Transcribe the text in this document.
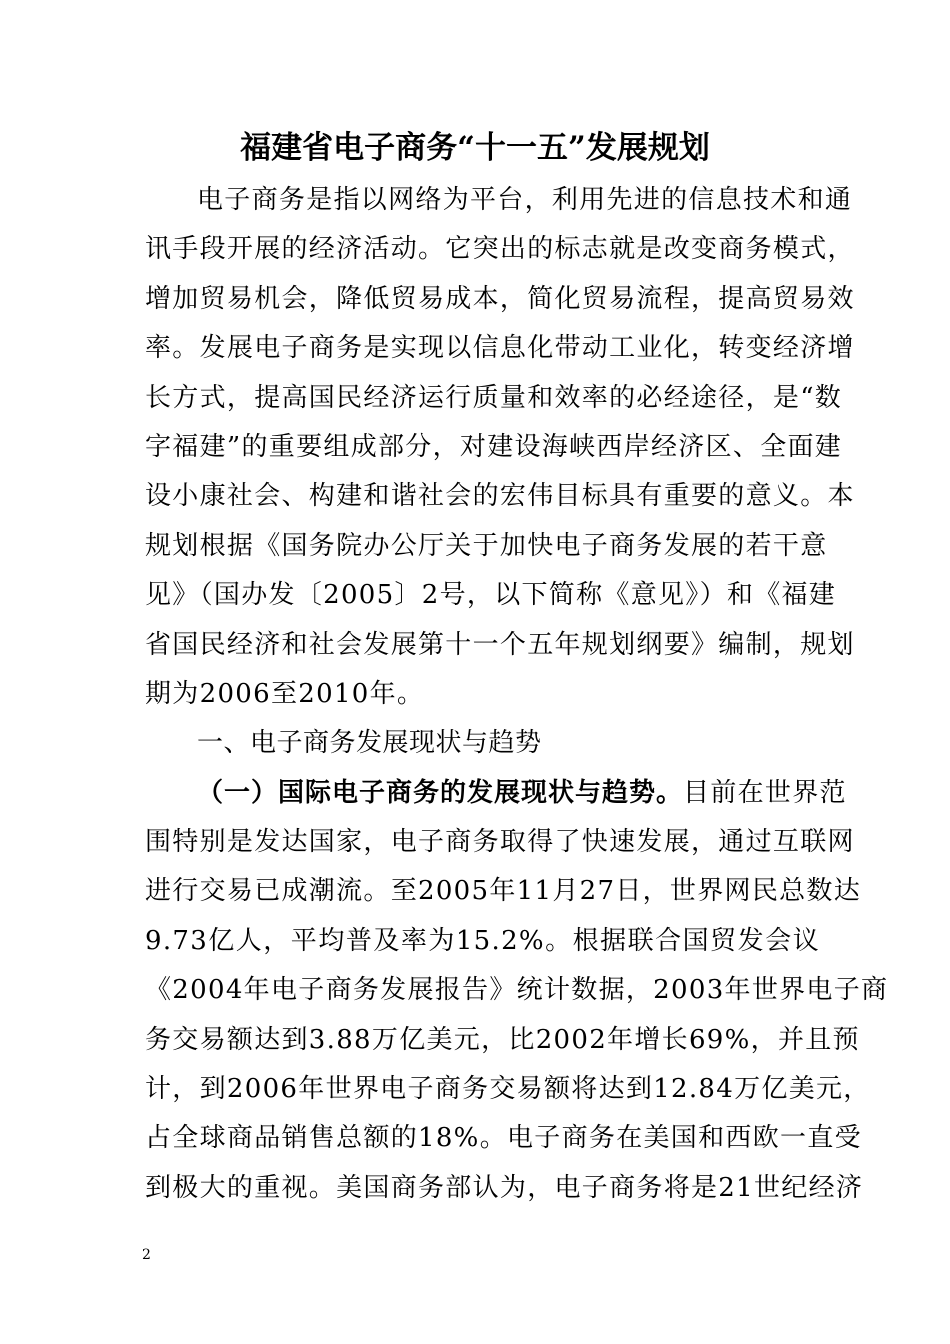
福建省电子商务“十一五”发展规划
电子商务是指以网络为平台，利用先进的信息技术和通
讯手段开展的经济活动。它突出的标志就是改变商务模式，
增加贸易机会，降低贸易成本，简化贸易流程，提高贸易效
率。发展电子商务是实现以信息化带动工业化，转变经济增
长方式，提高国民经济运行质量和效率的必经途径，是“数
字福建”的重要组成部分，对建设海峡西岸经济区、全面建
设小康社会、构建和谐社会的宏伟目标具有重要的意义。本
规划根据《国务院办公厅关于加快电子商务发展的若干意
见》（国办发〔2005〕2号，以下简称《意见》）和《福建
省国民经济和社会发展第十一个五年规划纲要》编制，规划
期为2006至2010年。
一、电子商务发展现状与趋势
（一）国际电子商务的发展现状与趋势。目前在世界范
围特别是发达国家，电子商务取得了快速发展，通过互联网
进行交易已成潮流。至2005年11月27日，世界网民总数达
9.73亿人，平均普及率为15.2%。根据联合国贸发会议
《2004年电子商务发展报告》统计数据，2003年世界电子商
务交易额达到3.88万亿美元，比2002年增长69%，并且预
计，到2006年世界电子商务交易额将达到12.84万亿美元，
占全球商品销售总额的18%。电子商务在美国和西欧一直受
到极大的重视。美国商务部认为，电子商务将是21世纪经济
2
